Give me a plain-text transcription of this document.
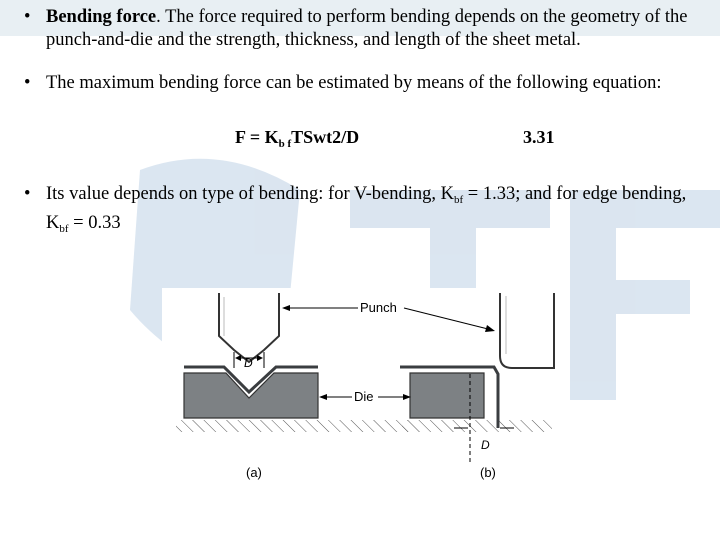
• Bending force. The force required to perform bending depends on the geometry of the punch-and-die and the strength, thickness, and length of the sheet metal.
• The maximum bending force can be estimated by means of the following equation:
$F = K_{b f}TSwt2/D$	3.31
• Its value depends on type of bending: for V-bending, $K_{bf} = 1.33$; and for edge bending, $K_{bf} = 0.33$
D
D
Punch
Die
(a)	(b)
